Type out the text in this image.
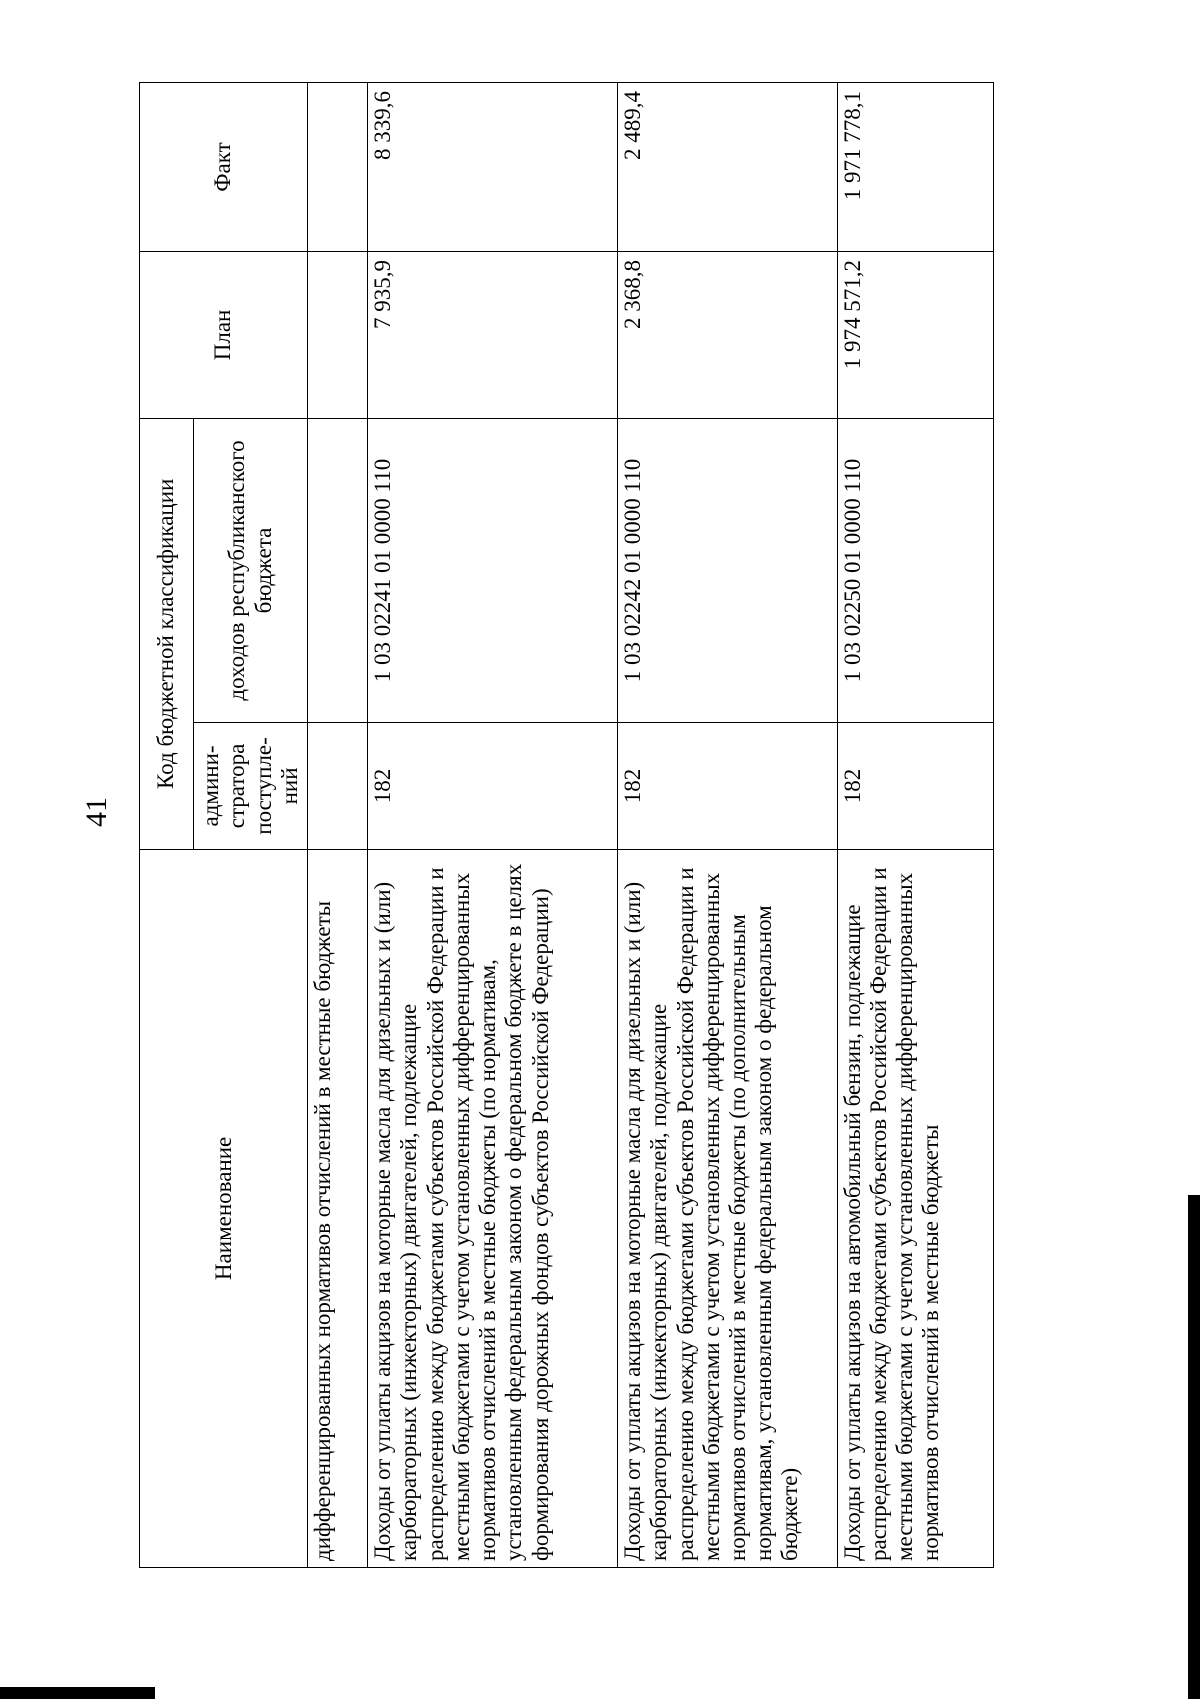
41
Наименование	Код бюджетной классификации		План	Факт
	админи- стратора поступле- ний	доходов республиканского бюджета		
дифференцированных нормативов отчислений в местные бюджеты				
Доходы от уплаты акцизов на моторные масла для дизельных и (или) карбюраторных (инжекторных) двигателей, подлежащие распределению между бюджетами субъектов Российской Федерации и местными бюджетами с учетом установленных дифференцированных нормативов отчислений в местные бюджеты (по нормативам, установленным федеральным законом о федеральном бюджете в целях формирования дорожных фондов субъектов Российской Федерации)	182	1 03 02241 01 0000 110	7 935,9	8 339,6
Доходы от уплаты акцизов на моторные масла для дизельных и (или) карбюраторных (инжекторных) двигателей, подлежащие распределению между бюджетами субъектов Российской Федерации и местными бюджетами с учетом установленных дифференцированных нормативов отчислений в местные бюджеты (по дополнительным нормативам, установленным федеральным законом о федеральном бюджете)	182	1 03 02242 01 0000 110	2 368,8	2 489,4
Доходы от уплаты акцизов на автомобильный бензин, подлежащие распределению между бюджетами субъектов Российской Федерации и местными бюджетами с учетом установленных дифференцированных нормативов отчислений в местные бюджеты	182	1 03 02250 01 0000 110	1 974 571,2	1 971 778,1
